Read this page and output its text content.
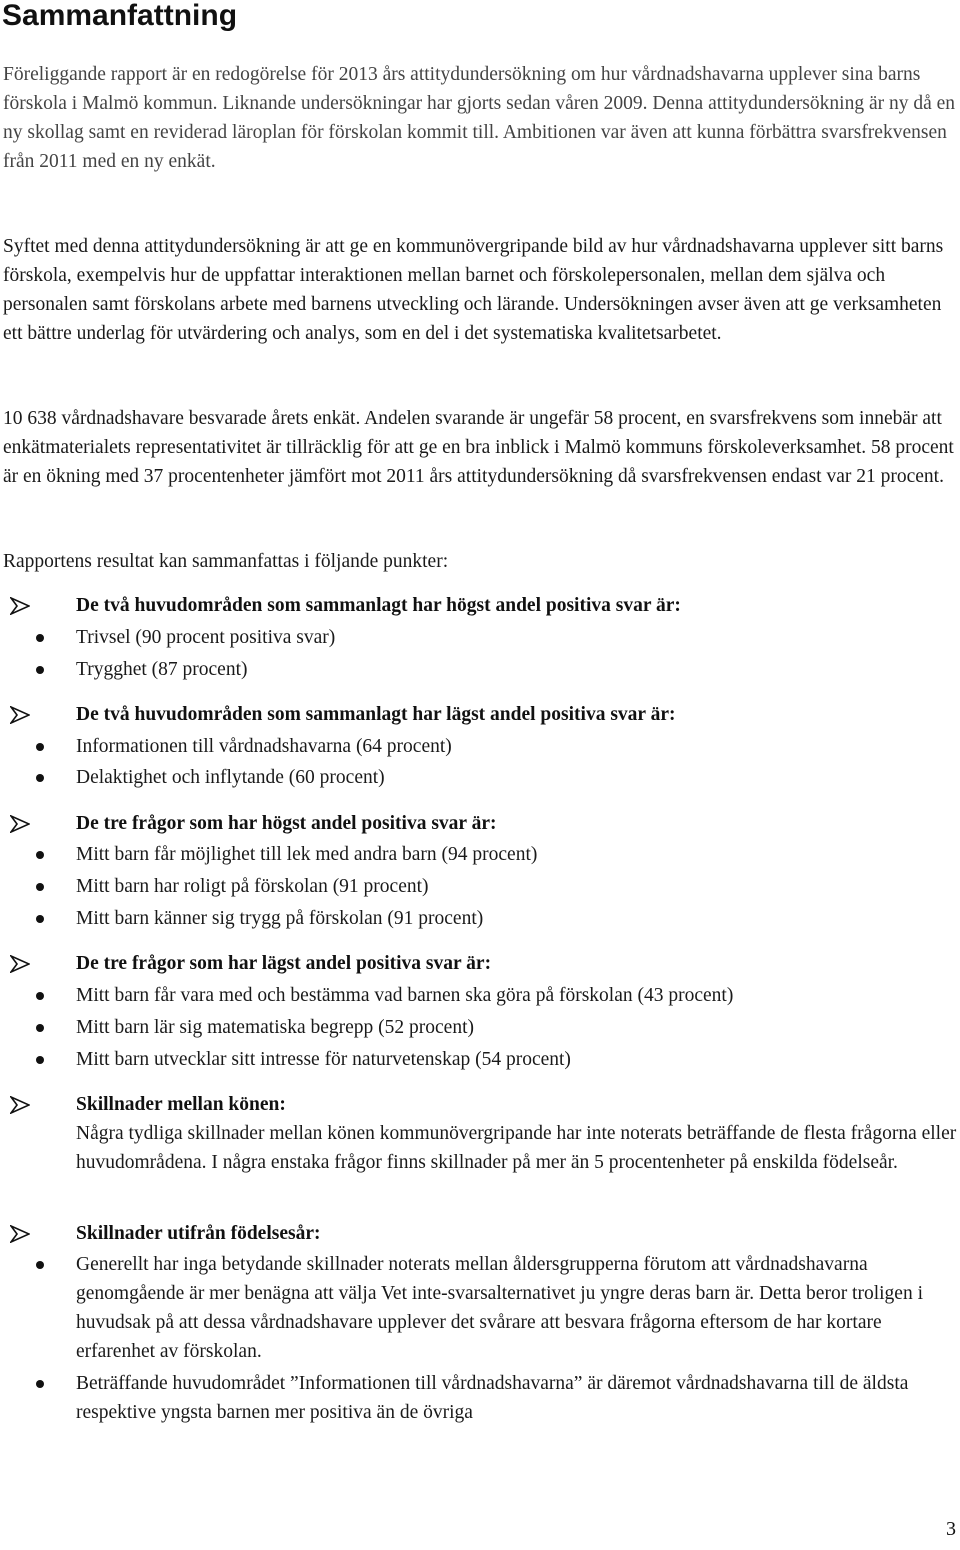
Sammanfattning

Föreliggande rapport är en redogörelse för 2013 års attitydundersökning om hur vårdnadshavarna upplever sina barns förskola i Malmö kommun. Liknande undersökningar har gjorts sedan våren 2009. Denna attitydundersökning är ny då en ny skollag samt en reviderad läroplan för förskolan kommit till. Ambitionen var även att kunna förbättra svarsfrekvensen från 2011 med en ny enkät.

Syftet med denna attitydundersökning är att ge en kommunövergripande bild av hur vårdnadshavarna upplever sitt barns förskola, exempelvis hur de uppfattar interaktionen mellan barnet och förskolepersonalen, mellan dem själva och personalen samt förskolans arbete med barnens utveckling och lärande. Undersökningen avser även att ge verksamheten ett bättre underlag för utvärdering och analys, som en del i det systematiska kvalitetsarbetet.

10 638 vårdnadshavare besvarade årets enkät. Andelen svarande är ungefär 58 procent, en svarsfrekvens som innebär att enkätmaterialets representativitet är tillräcklig för att ge en bra inblick i Malmö kommuns förskoleverksamhet. 58 procent är en ökning med 37 procentenheter jämfört mot 2011 års attitydundersökning då svarsfrekvensen endast var 21 procent.

Rapportens resultat kan sammanfattas i följande punkter:

De två huvudområden som sammanlagt har högst andel positiva svar är:
Trivsel (90 procent positiva svar)
Trygghet (87 procent)
De två huvudområden som sammanlagt har lägst andel positiva svar är:
Informationen till vårdnadshavarna (64 procent)
Delaktighet och inflytande (60 procent)
De tre frågor som har högst andel positiva svar är:
Mitt barn får möjlighet till lek med andra barn (94 procent)
Mitt barn har roligt på förskolan (91 procent)
Mitt barn känner sig trygg på förskolan (91 procent)
De tre frågor som har lägst andel positiva svar är:
Mitt barn får vara med och bestämma vad barnen ska göra på förskolan (43 procent)
Mitt barn lär sig matematiska begrepp (52 procent)
Mitt barn utvecklar sitt intresse för naturvetenskap (54 procent)
Skillnader mellan könen:
Några tydliga skillnader mellan könen kommunövergripande har inte noterats beträffande de flesta frågorna eller huvudområdena. I några enstaka frågor finns skillnader på mer än 5 procentenheter på enskilda födelseår.
Skillnader utifrån födelsesår:
Generellt har inga betydande skillnader noterats mellan åldersgrupperna förutom att vårdnadshavarna genomgående är mer benägna att välja Vet inte-svarsalternativet ju yngre deras barn är. Detta beror troligen i huvudsak på att dessa vårdnadshavare upplever det svårare att besvara frågorna eftersom de har kortare erfarenhet av förskolan.
Beträffande huvudområdet ”Informationen till vårdnadshavarna” är däremot vårdnadshavarna till de äldsta respektive yngsta barnen mer positiva än de övriga
3
